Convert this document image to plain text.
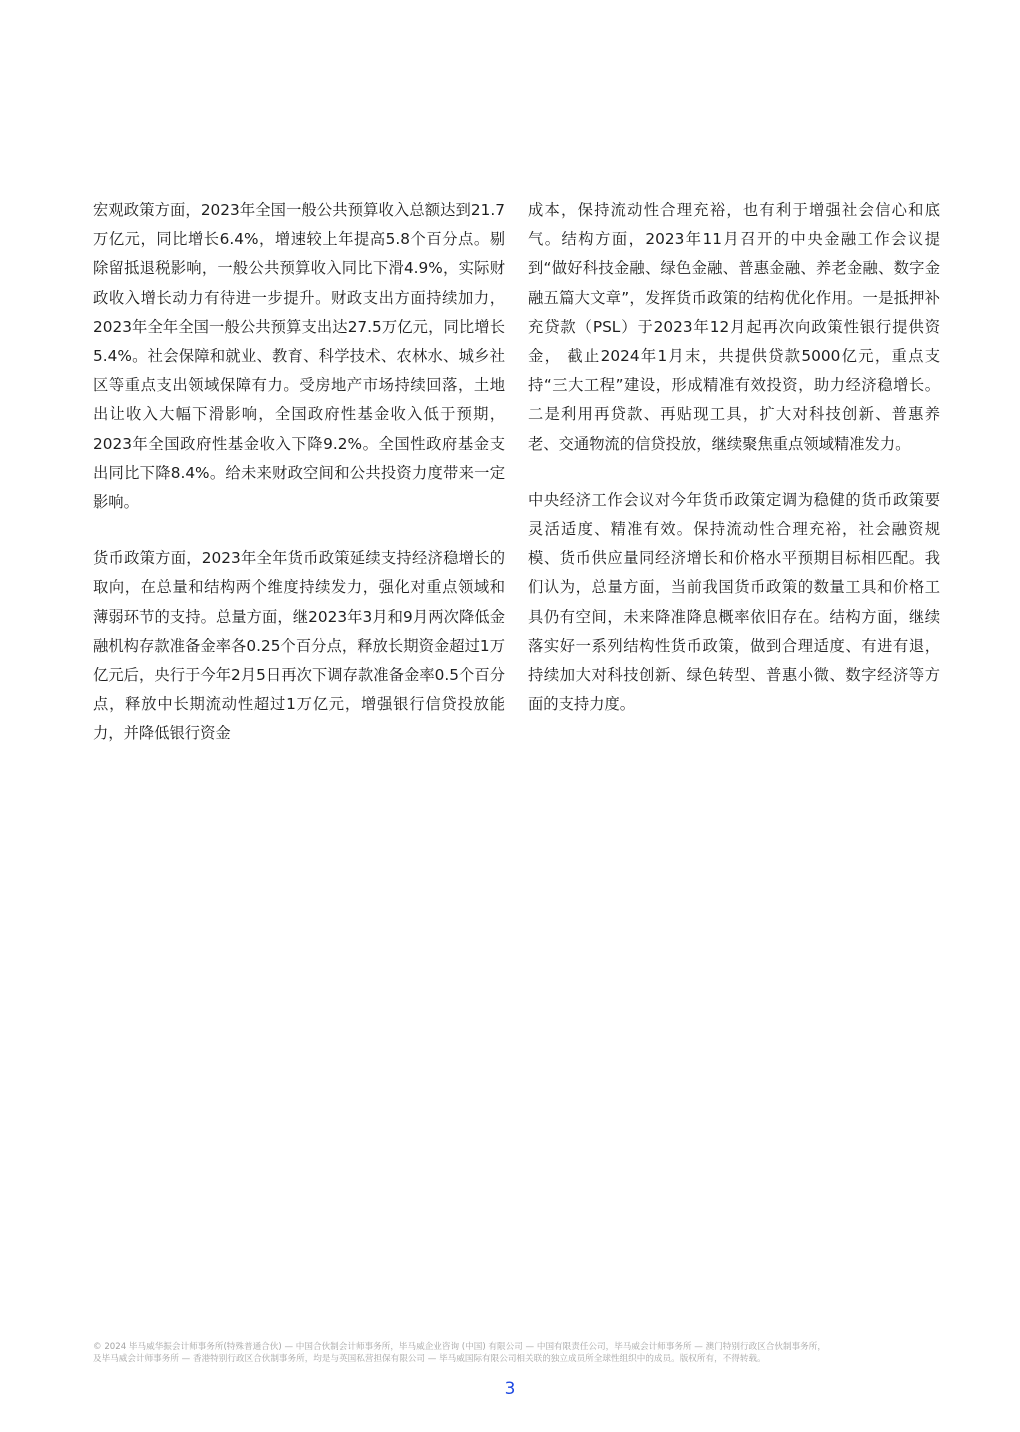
宏观政策方面，2023年全国一般公共预算收入总额达到21.7万亿元，同比增长6.4%，增速较上年提高5.8个百分点。剔除留抵退税影响，一般公共预算收入同比下滑4.9%，实际财政收入增长动力有待进一步提升。财政支出方面持续加力，2023年全年全国一般公共预算支出达27.5万亿元，同比增长5.4%。社会保障和就业、教育、科学技术、农林水、城乡社区等重点支出领域保障有力。受房地产市场持续回落，土地出让收入大幅下滑影响，全国政府性基金收入低于预期，2023年全国政府性基金收入下降9.2%。全国性政府基金支出同比下降8.4%。给未来财政空间和公共投资力度带来一定影响。

货币政策方面，2023年全年货币政策延续支持经济稳增长的取向，在总量和结构两个维度持续发力，强化对重点领域和薄弱环节的支持。总量方面，继2023年3月和9月两次降低金融机构存款准备金率各0.25个百分点，释放长期资金超过1万亿元后，央行于今年2月5日再次下调存款准备金率0.5个百分点，释放中长期流动性超过1万亿元，增强银行信贷投放能力，并降低银行资金

成本，保持流动性合理充裕，也有利于增强社会信心和底气。结构方面，2023年11月召开的中央金融工作会议提到“做好科技金融、绿色金融、普惠金融、养老金融、数字金融五篇大文章”，发挥货币政策的结构优化作用。一是抵押补充贷款（PSL）于2023年12月起再次向政策性银行提供资金， 截止2024年1月末，共提供贷款5000亿元，重点支持“三大工程”建设，形成精准有效投资，助力经济稳增长。二是利用再贷款、再贴现工具，扩大对科技创新、普惠养老、交通物流的信贷投放，继续聚焦重点领域精准发力。

中央经济工作会议对今年货币政策定调为稳健的货币政策要灵活适度、精准有效。保持流动性合理充裕，社会融资规模、货币供应量同经济增长和价格水平预期目标相匹配。我们认为，总量方面，当前我国货币政策的数量工具和价格工具仍有空间，未来降准降息概率依旧存在。结构方面，继续落实好一系列结构性货币政策，做到合理适度、有进有退，持续加大对科技创新、绿色转型、普惠小微、数字经济等方面的支持力度。

© 2024 毕马威华振会计师事务所(特殊普通合伙) — 中国合伙制会计师事务所，毕马威企业咨询 (中国) 有限公司 — 中国有限责任公司，毕马威会计师事务所 — 澳门特别行政区合伙制事务所，
及毕马威会计师事务所 — 香港特别行政区合伙制事务所，均是与英国私营担保有限公司 — 毕马威国际有限公司相关联的独立成员所全球性组织中的成员。版权所有，不得转载。
3
